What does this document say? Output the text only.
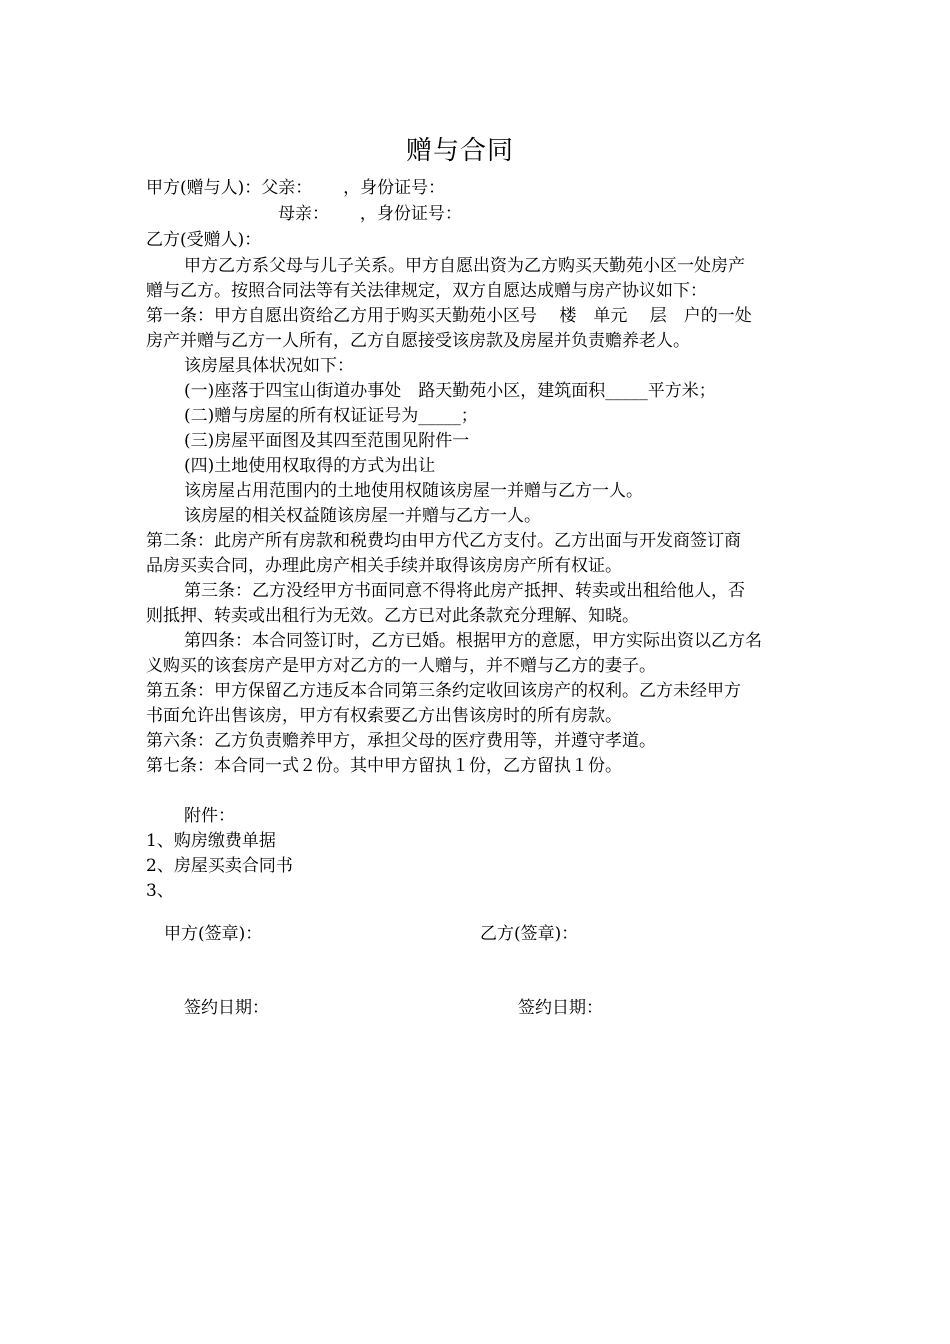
赠与合同
甲方(赠与人)：父亲：　　 ，身份证号：
母亲：　　 ，身份证号：
乙方(受赠人)：
甲方乙方系父母与儿子关系。甲方自愿出资为乙方购买天勤苑小区一处房产
赠与乙方。按照合同法等有关法律规定，双方自愿达成赠与房产协议如下：
第一条：甲方自愿出资给乙方用于购买天勤苑小区号　 楼　单元　 层　户的一处
房产并赠与乙方一人所有，乙方自愿接受该房款及房屋并负责赡养老人。
该房屋具体状况如下：
(一)座落于四宝山街道办事处　路天勤苑小区，建筑面积_____平方米；
(二)赠与房屋的所有权证证号为_____；
(三)房屋平面图及其四至范围见附件一
(四)土地使用权取得的方式为出让
该房屋占用范围内的土地使用权随该房屋一并赠与乙方一人。
该房屋的相关权益随该房屋一并赠与乙方一人。
第二条：此房产所有房款和税费均由甲方代乙方支付。乙方出面与开发商签订商
品房买卖合同，办理此房产相关手续并取得该房房产所有权证。
第三条：乙方没经甲方书面同意不得将此房产抵押、转卖或出租给他人，否
则抵押、转卖或出租行为无效。乙方已对此条款充分理解、知晓。
第四条：本合同签订时，乙方已婚。根据甲方的意愿，甲方实际出资以乙方名
义购买的该套房产是甲方对乙方的一人赠与，并不赠与乙方的妻子。
第五条：甲方保留乙方违反本合同第三条约定收回该房产的权利。乙方未经甲方
书面允许出售该房，甲方有权索要乙方出售该房时的所有房款。
第六条：乙方负责赡养甲方，承担父母的医疗费用等，并遵守孝道。
第七条：本合同一式２份。其中甲方留执１份，乙方留执１份。
附件：
1、购房缴费单据
2、房屋买卖合同书
3、
甲方(签章)：	乙方(签章)：
签约日期：	签约日期：
